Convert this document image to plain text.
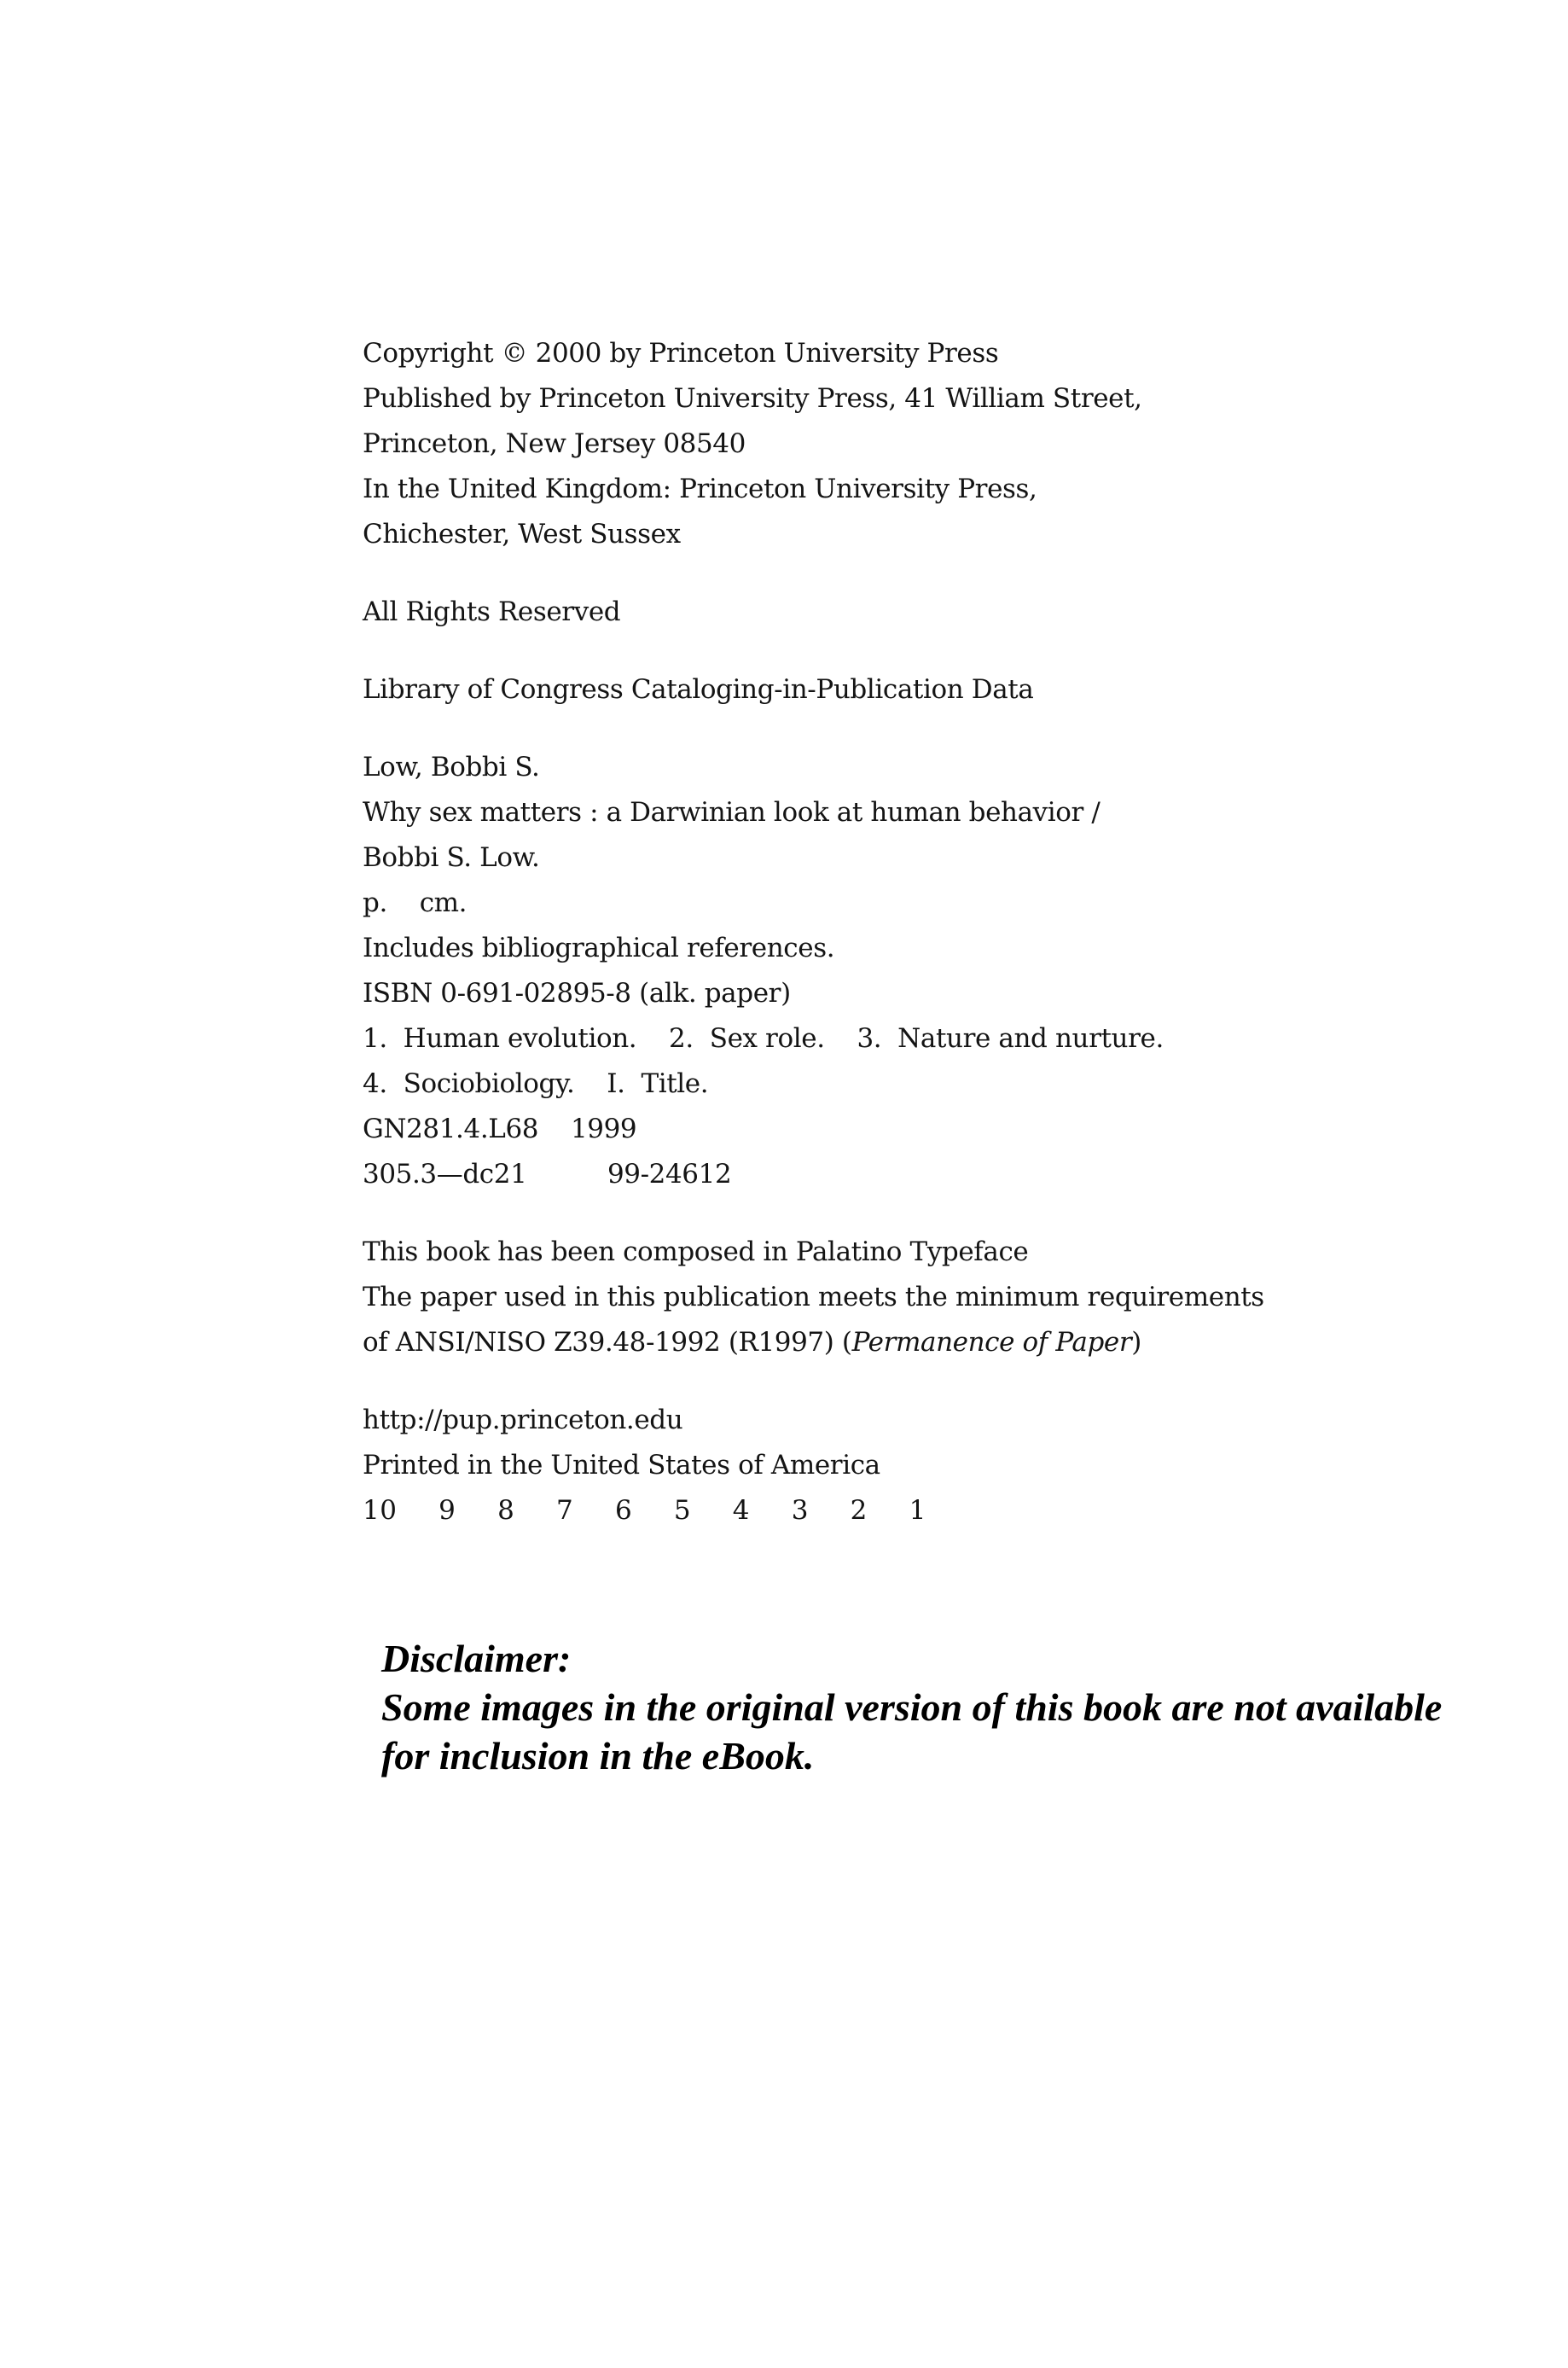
Copyright © 2000 by Princeton University Press
Published by Princeton University Press, 41 William Street,
Princeton, New Jersey 08540
In the United Kingdom: Princeton University Press,
Chichester, West Sussex
All Rights Reserved
Library of Congress Cataloging-in-Publication Data
Low, Bobbi S.
Why sex matters : a Darwinian look at human behavior /
Bobbi S. Low.
p.    cm.
Includes bibliographical references.
ISBN 0-691-02895-8 (alk. paper)
1.  Human evolution.    2.  Sex role.    3.  Nature and nurture.
4.  Sociobiology.    I.  Title.
GN281.4.L68    1999
305.3—dc21          99-24612
This book has been composed in Palatino Typeface
The paper used in this publication meets the minimum requirements
of ANSI/NISO Z39.48-1992 (R1997) (Permanence of Paper)
http://pup.princeton.edu
Printed in the United States of America
10  9  8  7  6  5  4  3  2  1
Disclaimer:
Some images in the original version of this book are not available for inclusion in the eBook.
